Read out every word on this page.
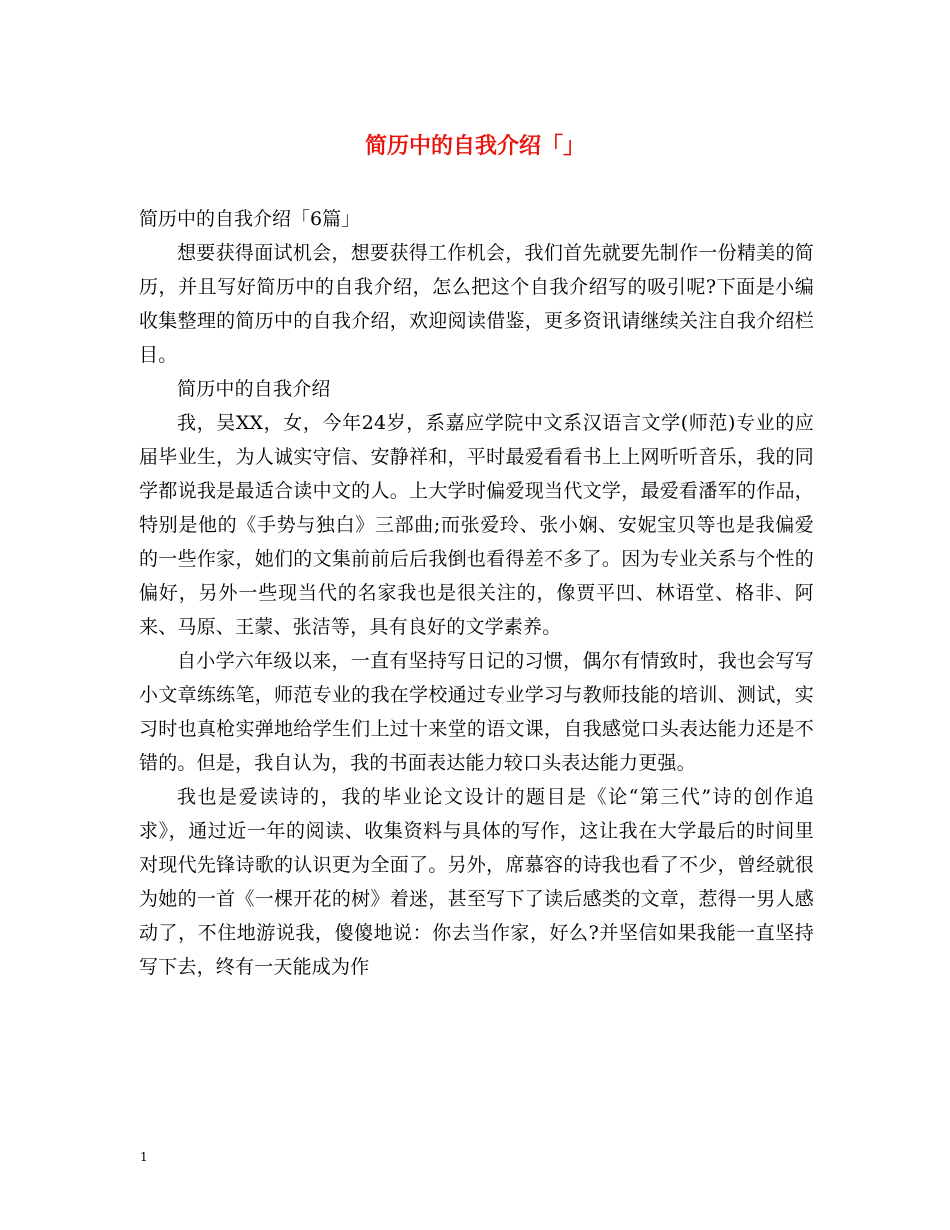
简历中的自我介绍「」

简历中的自我介绍「6篇」

想要获得面试机会，想要获得工作机会，我们首先就要先制作一份精美的简历，并且写好简历中的自我介绍，怎么把这个自我介绍写的吸引呢?下面是小编收集整理的简历中的自我介绍，欢迎阅读借鉴，更多资讯请继续关注自我介绍栏目。

简历中的自我介绍

我，吴XX，女，今年24岁，系嘉应学院中文系汉语言文学(师范)专业的应届毕业生，为人诚实守信、安静祥和，平时最爱看看书上上网听听音乐，我的同学都说我是最适合读中文的人。上大学时偏爱现当代文学，最爱看潘军的作品，特别是他的《手势与独白》三部曲;而张爱玲、张小娴、安妮宝贝等也是我偏爱的一些作家，她们的文集前前后后我倒也看得差不多了。因为专业关系与个性的偏好，另外一些现当代的名家我也是很关注的，像贾平凹、林语堂、格非、阿来、马原、王蒙、张洁等，具有良好的文学素养。

自小学六年级以来，一直有坚持写日记的习惯，偶尔有情致时，我也会写写小文章练练笔，师范专业的我在学校通过专业学习与教师技能的培训、测试，实习时也真枪实弹地给学生们上过十来堂的语文课，自我感觉口头表达能力还是不错的。但是，我自认为，我的书面表达能力较口头表达能力更强。

我也是爱读诗的，我的毕业论文设计的题目是《论“第三代”诗的创作追求》，通过近一年的阅读、收集资料与具体的写作，这让我在大学最后的时间里对现代先锋诗歌的认识更为全面了。另外，席慕容的诗我也看了不少，曾经就很为她的一首《一棵开花的树》着迷，甚至写下了读后感类的文章，惹得一男人感动了，不住地游说我，傻傻地说：你去当作家，好么?并坚信如果我能一直坚持写下去，终有一天能成为作

1
